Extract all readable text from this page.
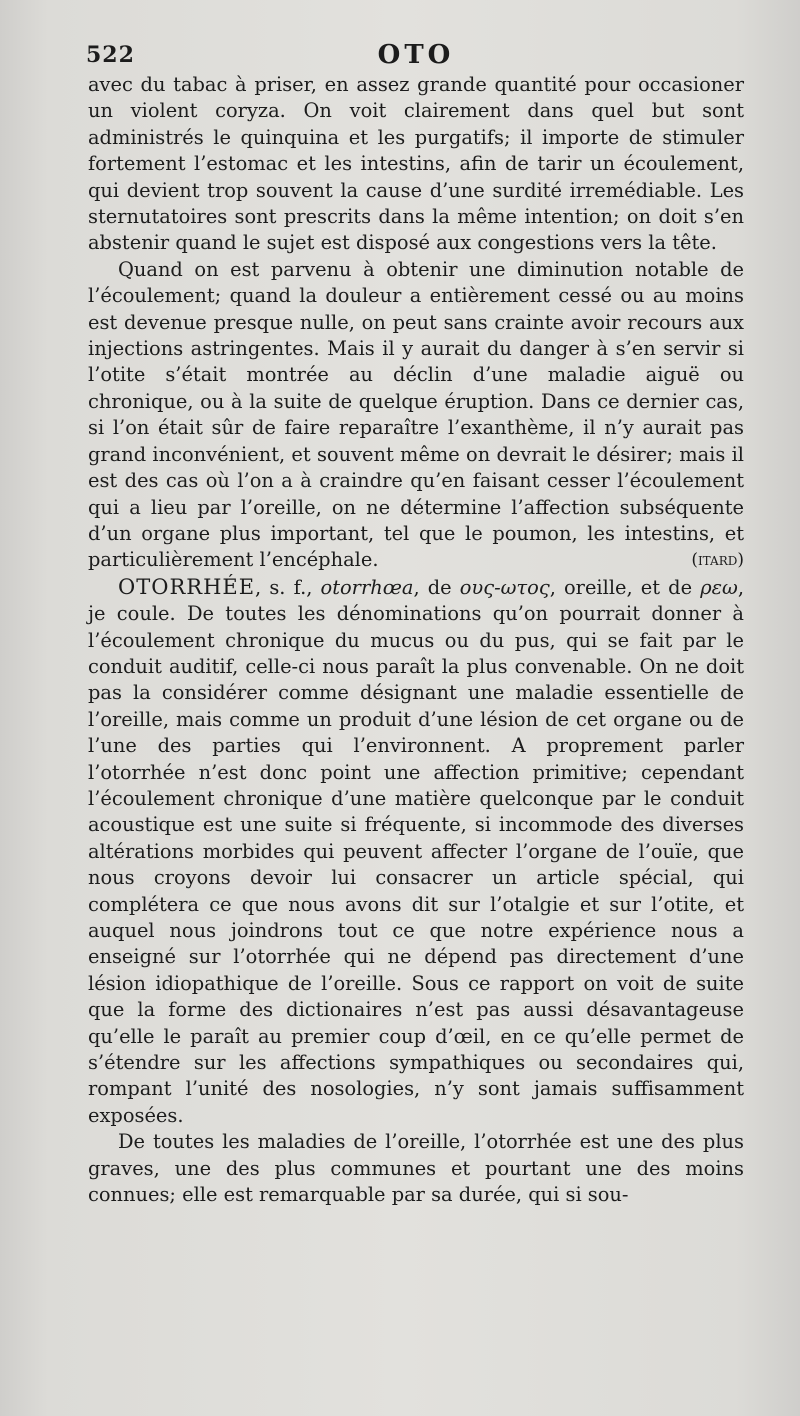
522	OTO

avec du tabac à priser, en assez grande quantité pour occasioner un violent coryza. On voit clairement dans quel but sont administrés le quinquina et les purgatifs; il importe de stimuler fortement l’estomac et les intestins, afin de tarir un écoulement, qui devient trop souvent la cause d’une surdité irremédiable. Les sternutatoires sont prescrits dans la même intention; on doit s’en abstenir quand le sujet est disposé aux congestions vers la tête.

Quand on est parvenu à obtenir une diminution notable de l’écoulement; quand la douleur a entièrement cessé ou au moins est devenue presque nulle, on peut sans crainte avoir recours aux injections astringentes. Mais il y aurait du danger à s’en servir si l’otite s’était montrée au déclin d’une maladie aiguë ou chronique, ou à la suite de quelque éruption. Dans ce dernier cas, si l’on était sûr de faire reparaître l’exanthème, il n’y aurait pas grand inconvénient, et souvent même on devrait le désirer; mais il est des cas où l’on a à craindre qu’en faisant cesser l’écoulement qui a lieu par l’oreille, on ne détermine l’affection subséquente d’un organe plus important, tel que le poumon, les intestins, et particulièrement l’encéphale.	(itard)

OTORRHÉE, s. f., otorrhœa, de ους-ωτος, oreille, et de ρεω, je coule. De toutes les dénominations qu’on pourrait donner à l’écoulement chronique du mucus ou du pus, qui se fait par le conduit auditif, celle-ci nous paraît la plus convenable. On ne doit pas la considérer comme désignant une maladie essentielle de l’oreille, mais comme un produit d’une lésion de cet organe ou de l’une des parties qui l’environnent. A proprement parler l’otorrhée n’est donc point une affection primitive; cependant l’écoulement chronique d’une matière quelconque par le conduit acoustique est une suite si fréquente, si incommode des diverses altérations morbides qui peuvent affecter l’organe de l’ouïe, que nous croyons devoir lui consacrer un article spécial, qui complétera ce que nous avons dit sur l’otalgie et sur l’otite, et auquel nous joindrons tout ce que notre expérience nous a enseigné sur l’otorrhée qui ne dépend pas directement d’une lésion idiopathique de l’oreille. Sous ce rapport on voit de suite que la forme des dictionaires n’est pas aussi désavantageuse qu’elle le paraît au premier coup d’œil, en ce qu’elle permet de s’étendre sur les affections sympathiques ou secondaires qui, rompant l’unité des nosologies, n’y sont jamais suffisamment exposées.

De toutes les maladies de l’oreille, l’otorrhée est une des plus graves, une des plus communes et pourtant une des moins connues; elle est remarquable par sa durée, qui si sou-
